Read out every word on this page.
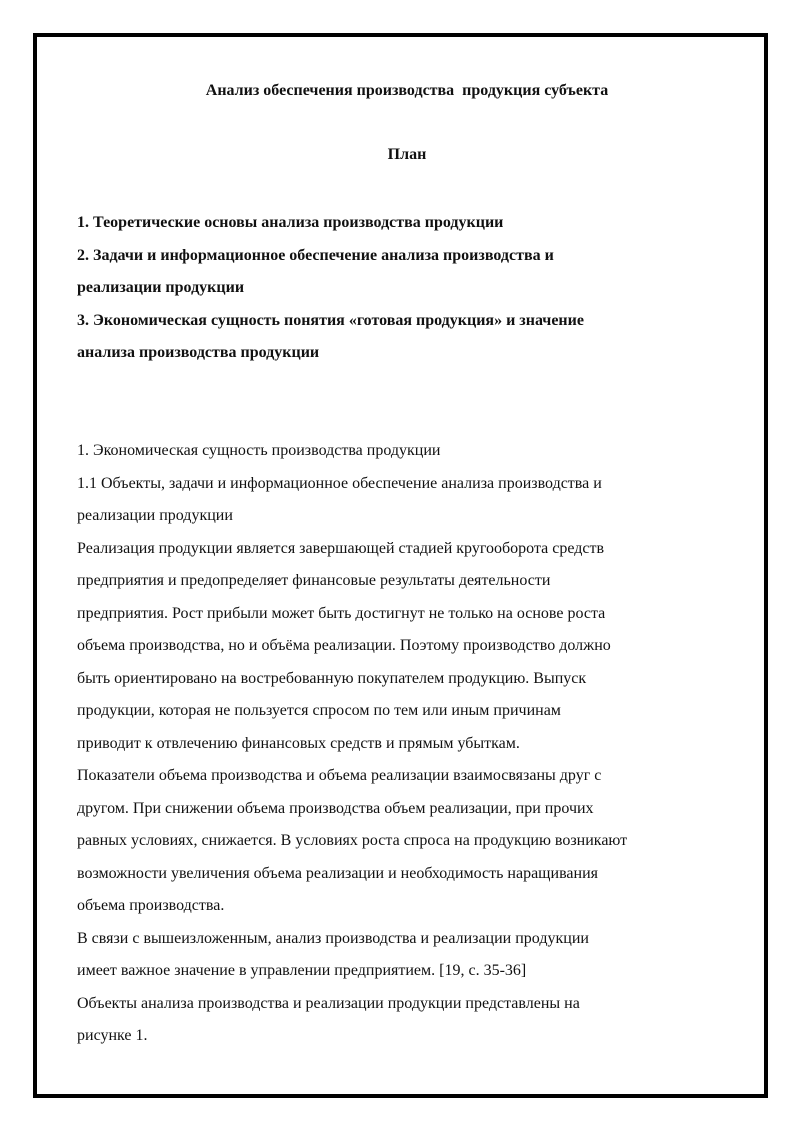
Анализ обеспечения производства  продукция субъекта
План
1. Теоретические основы анализа производства продукции
2. Задачи и информационное обеспечение анализа производства и
реализации продукции
3. Экономическая сущность понятия «готовая продукция» и значение
анализа производства продукции

1. Экономическая сущность производства продукции

1.1 Объекты, задачи и информационное обеспечение анализа производства и

реализации продукции

Реализация продукции является завершающей стадией кругооборота средств

предприятия и предопределяет финансовые результаты деятельности

предприятия. Рост прибыли может быть достигнут не только на основе роста

объема производства, но и объёма реализации. Поэтому производство должно

быть ориентировано на востребованную покупателем продукцию. Выпуск

продукции, которая не пользуется спросом по тем или иным причинам

приводит к отвлечению финансовых средств и прямым убыткам.

Показатели объема производства и объема реализации взаимосвязаны друг с

другом. При снижении объема производства объем реализации, при прочих

равных условиях, снижается. В условиях роста спроса на продукцию возникают

возможности увеличения объема реализации и необходимость наращивания

объема производства.

В связи с вышеизложенным, анализ производства и реализации продукции

имеет важное значение в управлении предприятием. [19, с. 35-36]

Объекты анализа производства и реализации продукции представлены на

рисунке 1.
